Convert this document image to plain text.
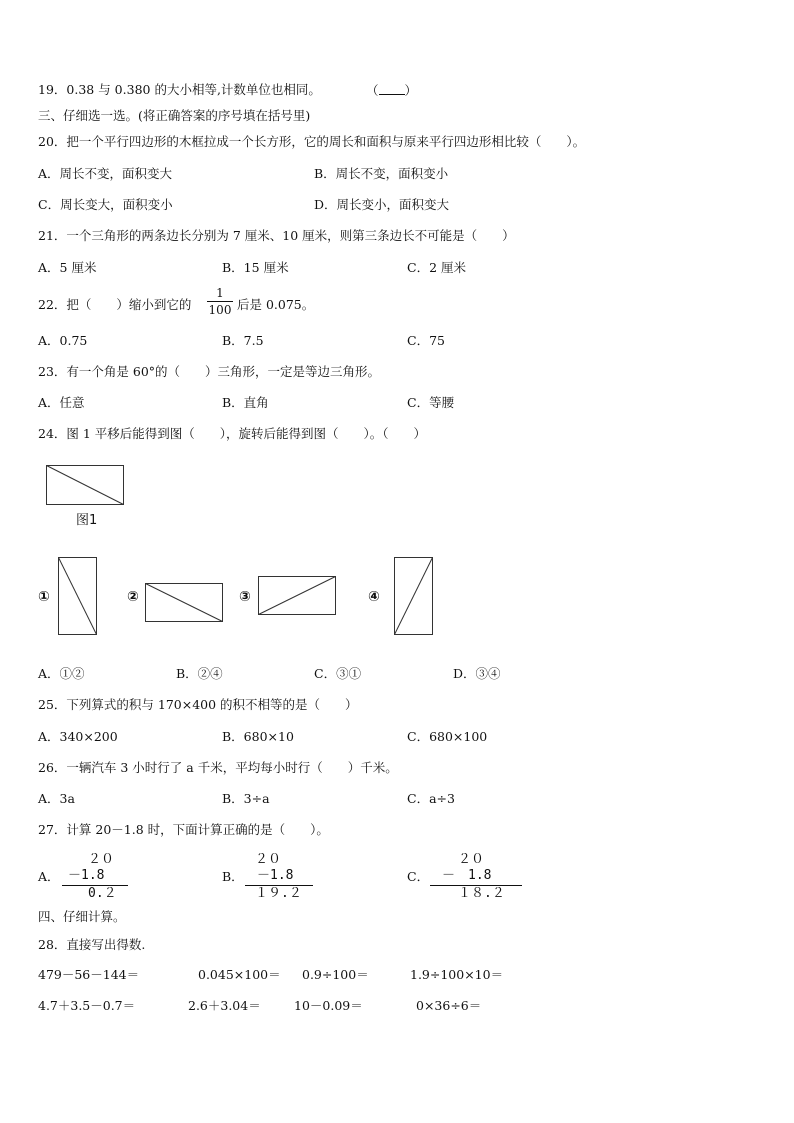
19．0.38 与 0.380 的大小相等,计数单位也相同。	（ ）
三、仔细选一选。(将正确答案的序号填在括号里)
20．把一个平行四边形的木框拉成一个长方形，它的周长和面积与原来平行四边形相比较（　　）。
A．周长不变，面积变大	B．周长不变，面积变小
C．周长变大，面积变小	D．周长变小，面积变大
21．一个三角形的两条边长分别为 7 厘米、10 厘米，则第三条边长不可能是（　　）
A．5 厘米	B．15 厘米	C．2 厘米
22．把（　　）缩小到它的
1
100 后是 0.075。
A．0.75	B．7.5	C．75
23．有一个角是 60°的（　　）三角形，一定是等边三角形。
A．任意	B．直角	C．等腰
24．图 1 平移后能得到图（　　），旋转后能得到图（　　）。（　　）
图1
①	②	③	④
A．①②	B．②④	C．③①	D．③④
25．下列算式的积与 170×400 的积不相等的是（　　）
A．340×200	B．680×10	C．680×100
26．一辆汽车 3 小时行了 a 千米，平均每小时行（　　）千米。
A．3a	B．3÷a	C．a÷3
27．计算 20－1.8 时，下面计算正确的是（　　）。
A．
２０
－1.8
0.２
B．
２０
－1.8
１９.２
C．
２０
－　1.8
１８.２
四、仔细计算。
28．直接写出得数.
479－56－144＝	0.045×100＝ 0.9÷100＝	1.9÷100×10＝
4.7＋3.5－0.7＝	2.6＋3.04＝	10－0.09＝	0×36÷6＝
